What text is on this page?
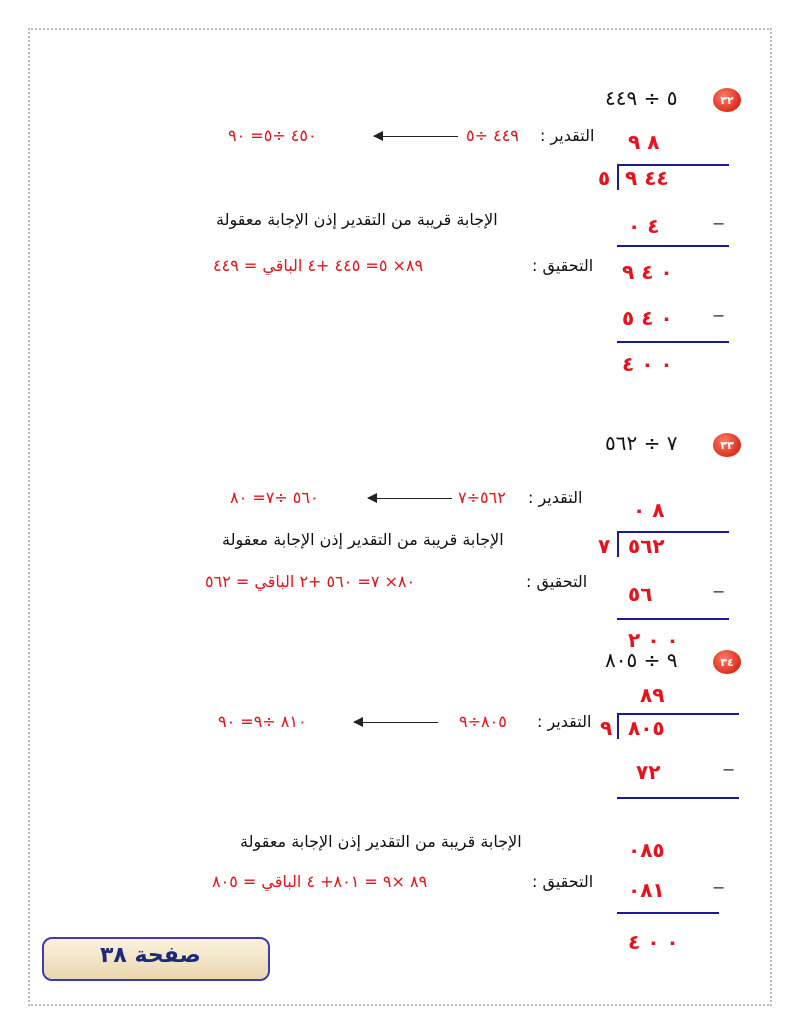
٣٢
٥ ÷ ٤٤٩
التقدير :
٤٤٩ ÷٥
٤٥٠ ÷٥= ٩٠	٨ ٩
٥ ٤٤ ٩
الإجابة قريبة من التقدير إذن الإجابة معقولة	٤ ٠	−
التحقيق :
٨٩× ٥= ٤٤٥ +٤ الباقي = ٤٤٩	٠ ٤ ٩
٠ ٤ ٥ −
٠ ٠ ٤
٣٣
٧ ÷ ٥٦٢
التقدير :
٥٦٢÷٧
٥٦٠ ÷٧= ٨٠
٨ ٠
٧ ٥٦٢
الإجابة قريبة من التقدير إذن الإجابة معقولة
التحقيق :
٨٠× ٧= ٥٦٠ +٢ الباقي = ٥٦٢
٥٦	−
٠ ٠ ٢
٣٤
٩ ÷ ٨٠٥
٨٩
٩ ٨٠٥
التقدير :
٨٠٥÷٩
٨١٠ ÷٩= ٩٠
٧٢	−
الإجابة قريبة من التقدير إذن الإجابة معقولة	٠٨٥
التحقيق :
٨٩ ×٩ = ٨٠١+ ٤ الباقي = ٨٠٥	٠٨١	−
٠ ٠ ٤
صفحة ٣٨
